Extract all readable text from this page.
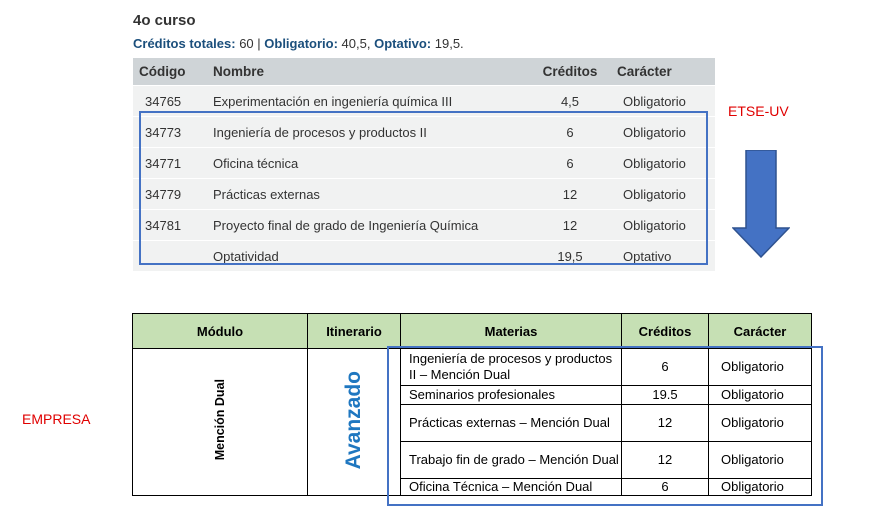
4o curso
Créditos totales: 60 | Obligatorio: 40,5, Optativo: 19,5.
Código	Nombre	Créditos	Carácter
34765	Experimentación en ingeniería química III	4,5	Obligatorio
34773	Ingeniería de procesos y productos II	6	Obligatorio
34771	Oficina técnica	6	Obligatorio
34779	Prácticas externas	12	Obligatorio
34781	Proyecto final de grado de Ingeniería Química	12	Obligatorio
	Optatividad	19,5	Optativo
ETSE-UV
EMPRESA
Módulo	Itinerario	Materias	Créditos	Carácter
Mención Dual	Avanzado	Ingeniería de procesos y productos II – Mención Dual	6	Obligatorio
		Seminarios profesionales	19.5	Obligatorio
		Prácticas externas – Mención Dual	12	Obligatorio
		Trabajo fin de grado – Mención Dual	12	Obligatorio
		Oficina Técnica – Mención Dual	6	Obligatorio
